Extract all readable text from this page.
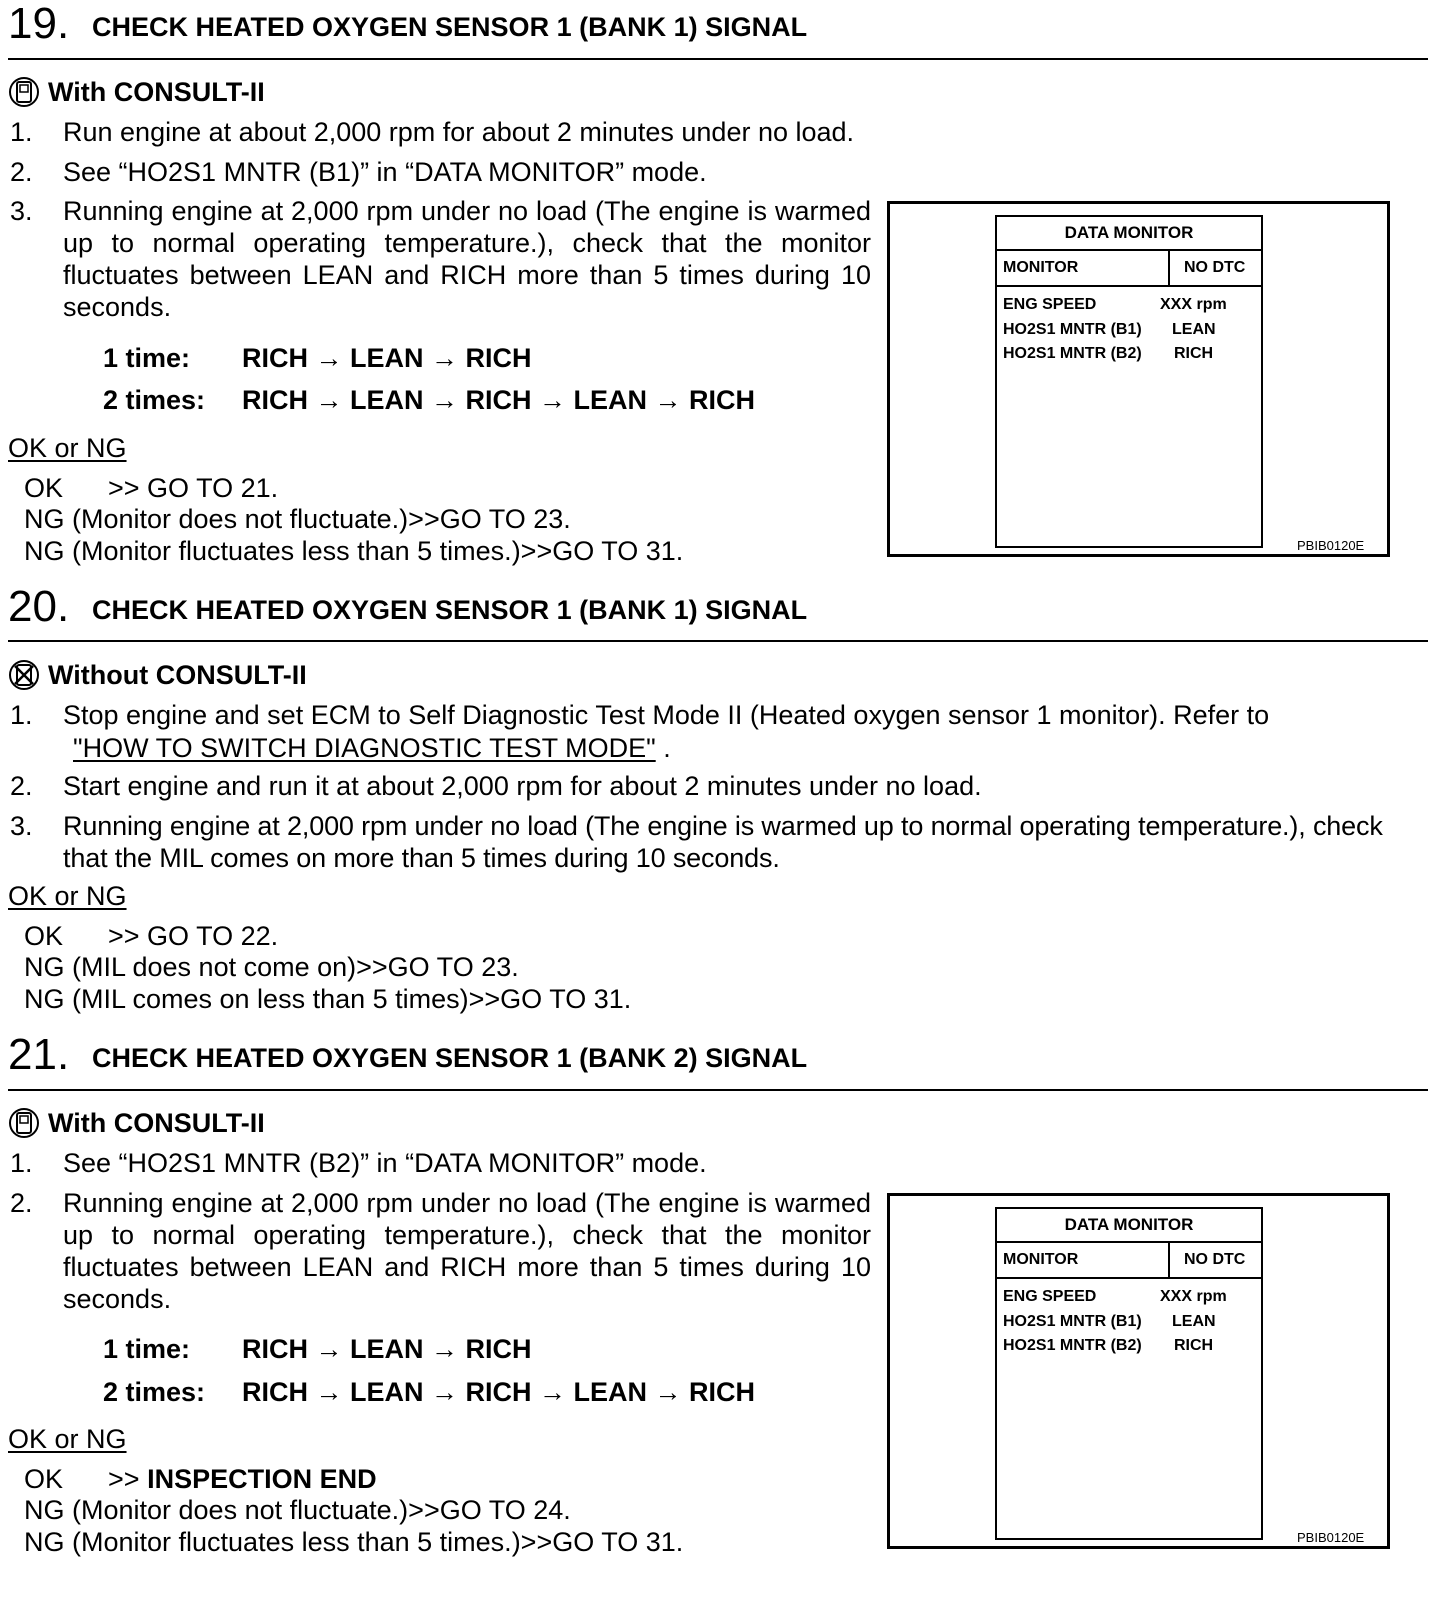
19. CHECK HEATED OXYGEN SENSOR 1 (BANK 1) SIGNAL
With CONSULT-II
1. Run engine at about 2,000 rpm for about 2 minutes under no load.
2. See “HO2S1 MNTR (B1)” in “DATA MONITOR” mode.
3. Running engine at 2,000 rpm under no load (The engine is warmed up to normal operating temperature.), check that the monitor fluctuates between LEAN and RICH more than 5 times during 10 seconds.
1 time: RICH → LEAN → RICH
2 times: RICH → LEAN → RICH → LEAN → RICH
OK or NG
OK      >> GO TO 21.
NG (Monitor does not fluctuate.)>>GO TO 23.
NG (Monitor fluctuates less than 5 times.)>>GO TO 31.
DATA MONITOR
MONITOR	NO DTC
ENG SPEED	XXX rpm
HO2S1 MNTR (B1) LEAN
HO2S1 MNTR (B2) RICH
PBIB0120E
20. CHECK HEATED OXYGEN SENSOR 1 (BANK 1) SIGNAL
Without CONSULT-II
1. Stop engine and set ECM to Self Diagnostic Test Mode II (Heated oxygen sensor 1 monitor). Refer to
"HOW TO SWITCH DIAGNOSTIC TEST MODE" .
2. Start engine and run it at about 2,000 rpm for about 2 minutes under no load.
3. Running engine at 2,000 rpm under no load (The engine is warmed up to normal operating temperature.), check that the MIL comes on more than 5 times during 10 seconds.
OK or NG
OK      >> GO TO 22.
NG (MIL does not come on)>>GO TO 23.
NG (MIL comes on less than 5 times)>>GO TO 31.
21. CHECK HEATED OXYGEN SENSOR 1 (BANK 2) SIGNAL
With CONSULT-II
1. See “HO2S1 MNTR (B2)” in “DATA MONITOR” mode.
2. Running engine at 2,000 rpm under no load (The engine is warmed up to normal operating temperature.), check that the monitor fluctuates between LEAN and RICH more than 5 times during 10 seconds.
1 time: RICH → LEAN → RICH
2 times: RICH → LEAN → RICH → LEAN → RICH
OK or NG
OK      >> INSPECTION END
NG (Monitor does not fluctuate.)>>GO TO 24.
NG (Monitor fluctuates less than 5 times.)>>GO TO 31.
DATA MONITOR
MONITOR	NO DTC
ENG SPEED	XXX rpm
HO2S1 MNTR (B1) LEAN
HO2S1 MNTR (B2) RICH
PBIB0120E
